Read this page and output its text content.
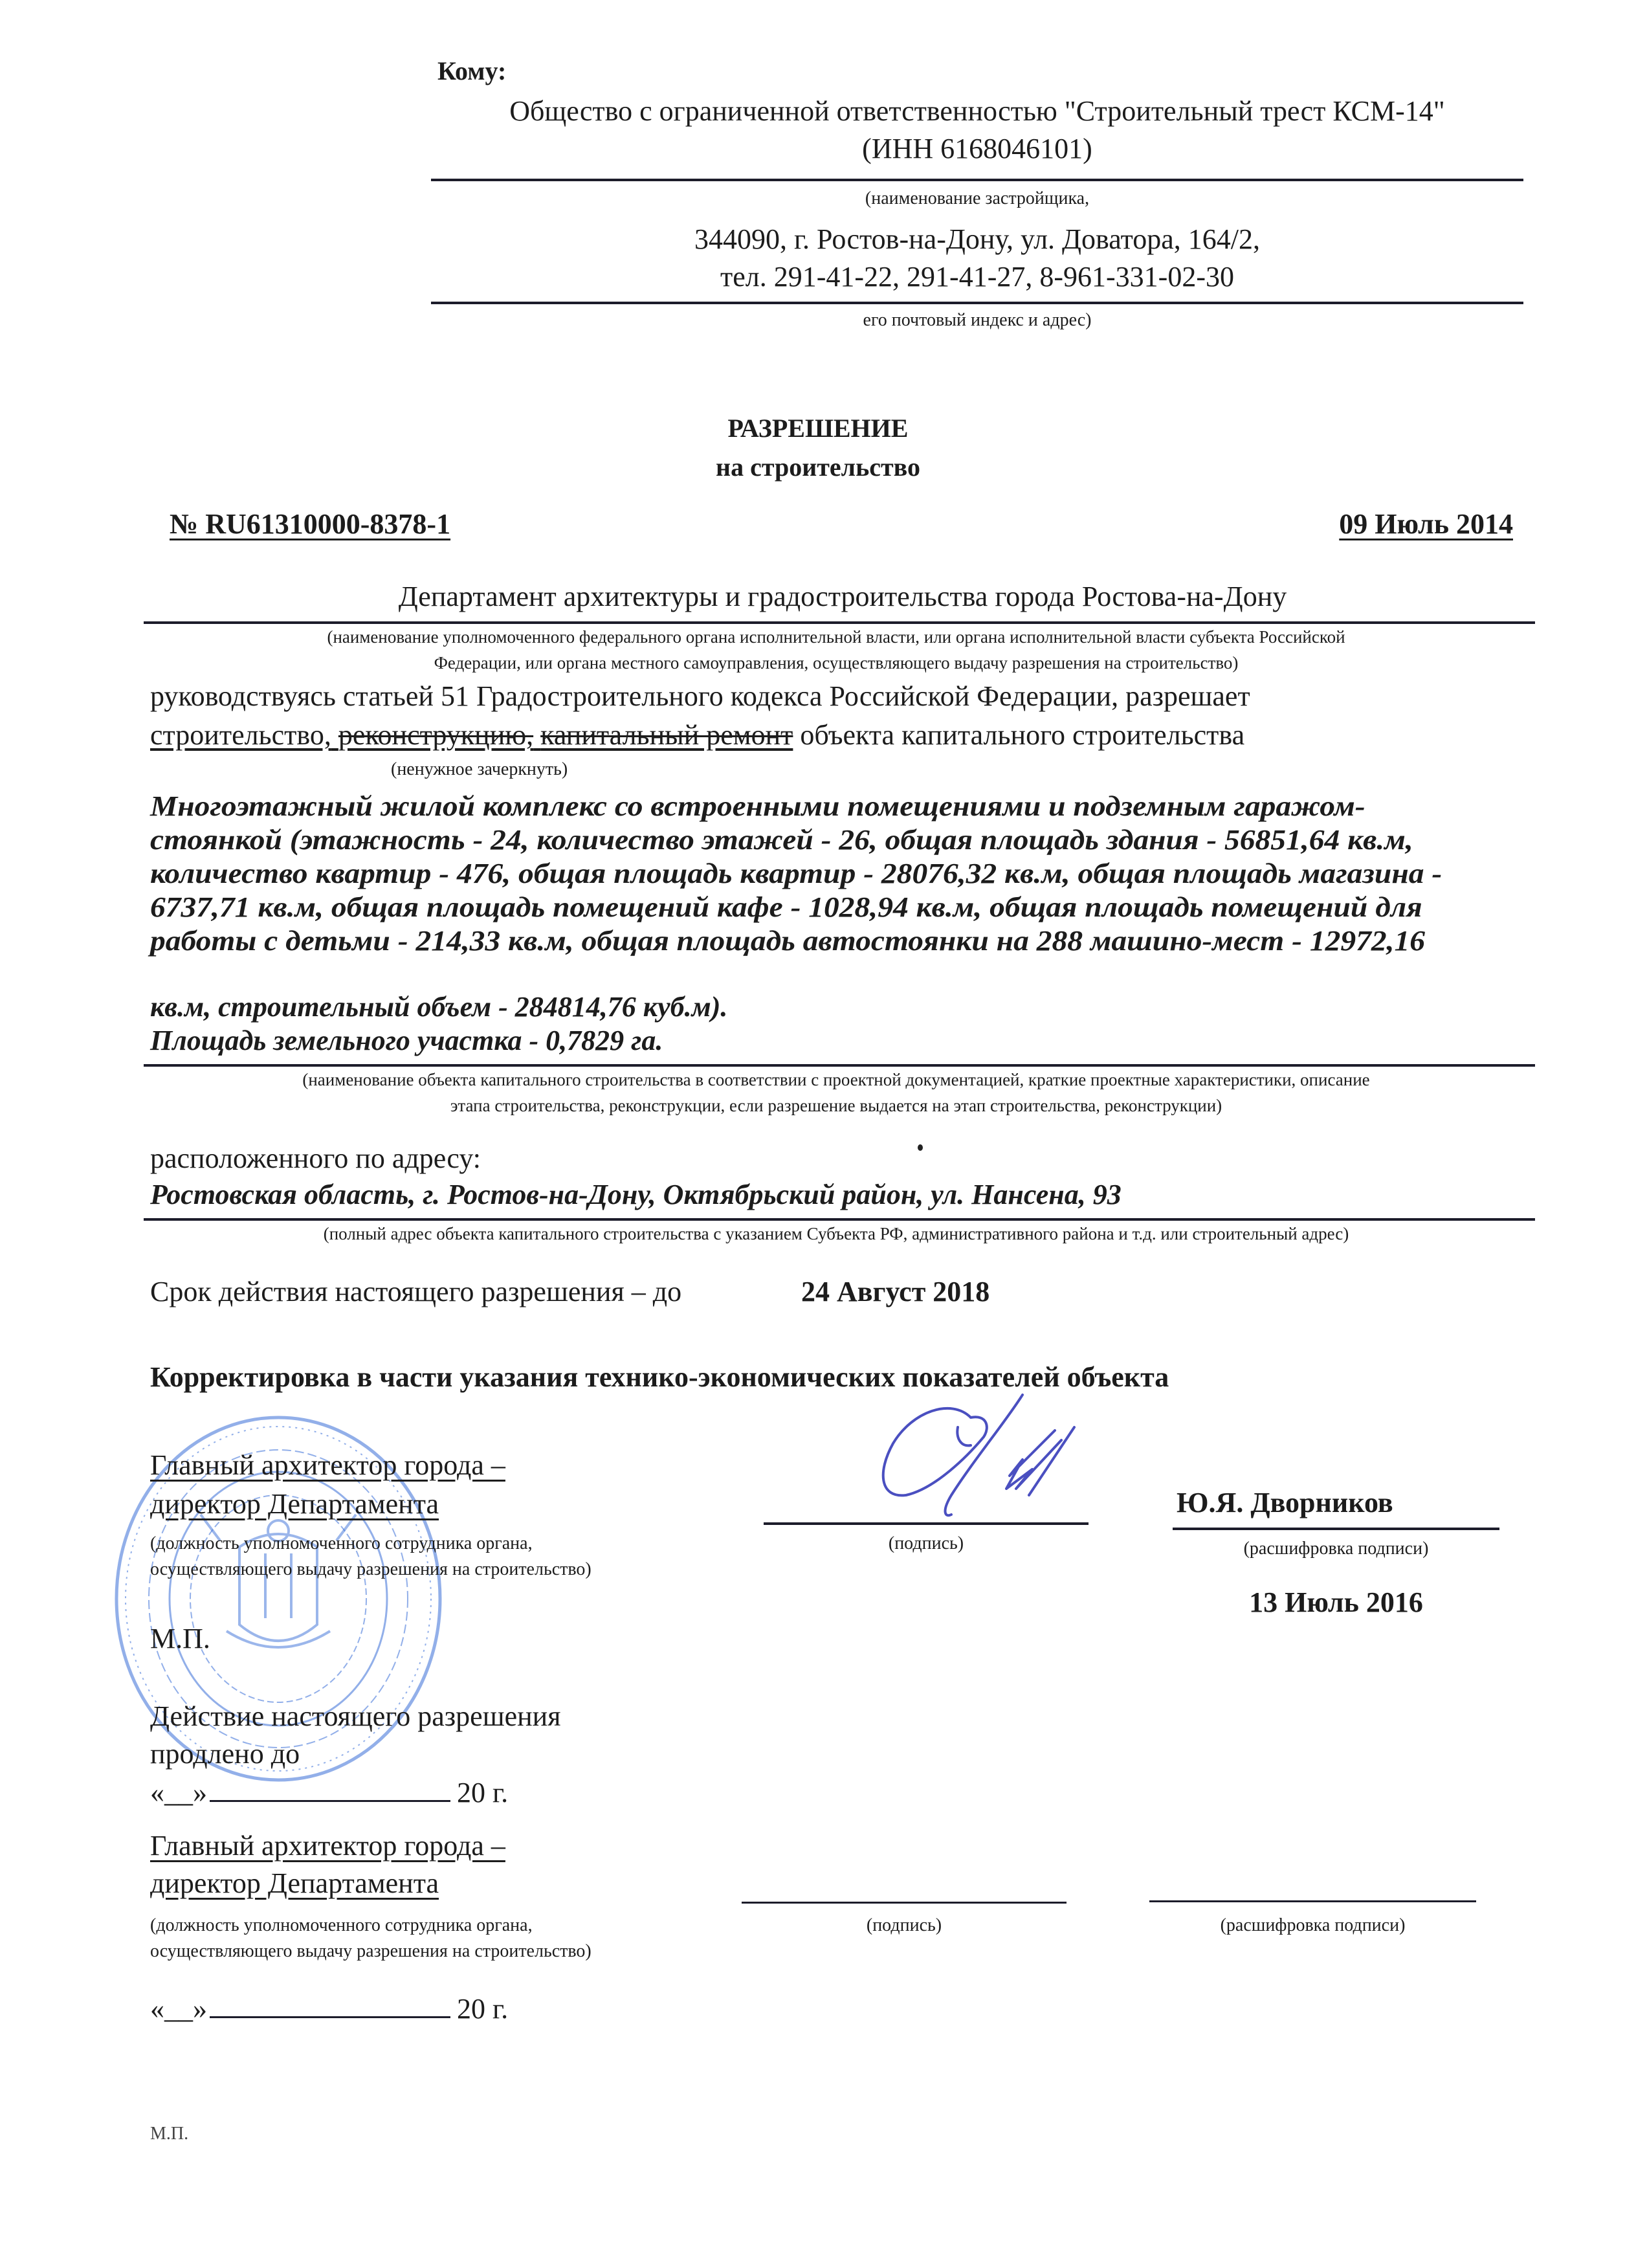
Кому:
Общество с ограниченной ответственностью "Строительный трест КСМ-14"
(ИНН 6168046101)
(наименование застройщика,
344090, г. Ростов-на-Дону, ул. Доватора, 164/2,
тел. 291-41-22, 291-41-27, 8-961-331-02-30
его почтовый индекс и адрес)
РАЗРЕШЕНИЕ
на строительство
№ RU61310000-8378-1	09 Июль 2014
Департамент архитектуры и градостроительства города Ростова-на-Дону
(наименование уполномоченного федерального органа исполнительной власти, или органа исполнительной власти субъекта Российской
Федерации, или органа местного самоуправления, осуществляющего выдачу разрешения на строительство)
руководствуясь статьей 51 Градостроительного кодекса Российской Федерации, разрешает
строительство, реконструкцию, капитальный ремонт объекта капитального строительства
(ненужное зачеркнуть)
Многоэтажный жилой комплекс со встроенными помещениями и подземным гаражом-
стоянкой (этажность - 24, количество этажей - 26, общая площадь здания - 56851,64 кв.м,
количество квартир - 476, общая площадь квартир - 28076,32 кв.м, общая площадь магазина -
6737,71 кв.м, общая площадь помещений кафе - 1028,94 кв.м, общая площадь помещений для
работы с детьми - 214,33 кв.м, общая площадь автостоянки на 288 машино-мест - 12972,16
кв.м, строительный объем - 284814,76 куб.м).
Площадь земельного участка - 0,7829 га.
(наименование объекта капитального строительства в соответствии с проектной документацией, краткие проектные характеристики, описание
этапа строительства, реконструкции, если разрешение выдается на этап строительства, реконструкции)
расположенного по адресу:
Ростовская область, г. Ростов-на-Дону, Октябрьский район, ул. Нансена, 93
(полный адрес объекта капитального строительства с указанием Субъекта РФ, административного района и т.д. или строительный адрес)
Срок действия настоящего разрешения – до	24 Август 2018
Корректировка в части указания технико-экономических показателей объекта
Главный архитектор города –
директор Департамента
(должность уполномоченного сотрудника органа,
осуществляющего выдачу разрешения на строительство)
(подпись)
Ю.Я. Дворников
(расшифровка подписи)
13 Июль 2016
М.П.
Действие настоящего разрешения
продлено до
«__»	20 г.
Главный архитектор города –
директор Департамента
(должность уполномоченного сотрудника органа,
осуществляющего выдачу разрешения на строительство)
(подпись)	(расшифровка подписи)
«__»	20 г.
М.П.
